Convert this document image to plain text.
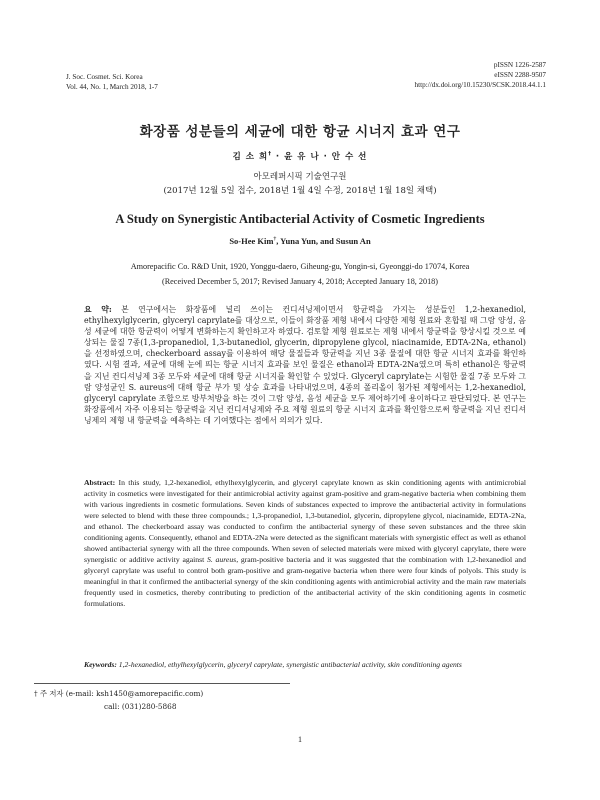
J. Soc. Cosmet. Sci. Korea
Vol. 44, No. 1, March 2018, 1-7
pISSN 1226-2587
eISSN 2288-9507
http://dx.doi.org/10.15230/SCSK.2018.44.1.1
화장품 성분들의 세균에 대한 항균 시너지 효과 연구
김 소 희† · 윤 유 나 · 안 수 선
아모레퍼시픽 기술연구원
(2017년 12월 5일 접수, 2018년 1월 4일 수정, 2018년 1월 18일 채택)
A Study on Synergistic Antibacterial Activity of Cosmetic Ingredients
So-Hee Kim†, Yuna Yun, and Susun An
Amorepacific Co. R&D Unit, 1920, Yonggu-daero, Giheung-gu, Yongin-si, Gyeonggi-do 17074, Korea
(Received December 5, 2017; Revised January 4, 2018; Accepted January 18, 2018)
요 약: 본 연구에서는 화장품에 널리 쓰이는 컨디셔닝제이면서 항균력을 가지는 성분들인 1,2-hexanediol, ethylhexylglycerin, glyceryl caprylate를 대상으로, 이들이 화장품 제형 내에서 다양한 제형 원료와 혼합될 때 그람 양성, 음성 세균에 대한 항균력이 어떻게 변화하는지 확인하고자 하였다. 검토할 제형 원료로는 제형 내에서 항균력을 향상시킬 것으로 예상되는 물질 7종(1,3-propanediol, 1,3-butanediol, glycerin, dipropylene glycol, niacinamide, EDTA-2Na, ethanol)을 선정하였으며, checkerboard assay를 이용하여 해당 물질들과 항균력을 지닌 3종 물질에 대한 항균 시너지 효과를 확인하였다. 시험 결과, 세균에 대해 눈에 띄는 항균 시너지 효과를 보인 물질은 ethanol과 EDTA-2Na였으며 특히 ethanol은 항균력을 지닌 컨디셔닝제 3종 모두와 세균에 대해 항균 시너지를 확인할 수 있었다. Glyceryl caprylate는 시험한 물질 7종 모두와 그람 양성균인 S. aureus에 대해 항균 부가 및 상승 효과를 나타내었으며, 4종의 폴리올이 첨가된 제형에서는 1,2-hexanediol, glyceryl caprylate 조합으로 방부처방을 하는 것이 그람 양성, 음성 세균을 모두 제어하기에 용이하다고 판단되었다. 본 연구는 화장품에서 자주 이용되는 항균력을 지닌 컨디셔닝제와 주요 제형 원료의 항균 시너지 효과를 확인함으로써 항균력을 지닌 컨디셔닝제의 제형 내 항균력을 예측하는 데 기여했다는 점에서 의의가 있다.
Abstract: In this study, 1,2-hexanediol, ethylhexylglycerin, and glyceryl caprylate known as skin conditioning agents with antimicrobial activity in cosmetics were investigated for their antimicrobial activity against gram-positive and gram-negative bacteria when combining them with various ingredients in cosmetic formulations. Seven kinds of substances expected to improve the antibacterial activity in formulations were selected to blend with these three compounds.; 1,3-propanediol, 1,3-butanediol, glycerin, dipropylene glycol, niacinamide, EDTA-2Na, and ethanol. The checkerboard assay was conducted to confirm the antibacterial synergy of these seven substances and the three skin conditioning agents. Consequently, ethanol and EDTA-2Na were detected as the significant materials with synergistic effect as well as ethanol showed antibacterial synergy with all the three compounds. When seven of selected materials were mixed with glyceryl caprylate, there were synergistic or additive activity against S. aureus, gram-positive bacteria and it was suggested that the combination with 1,2-hexanediol and glyceryl caprylate was useful to control both gram-positive and gram-negative bacteria when there were four kinds of polyols. This study is meaningful in that it confirmed the antibacterial synergy of the skin conditioning agents with antimicrobial activity and the main raw materials frequently used in cosmetics, thereby contributing to prediction of the antibacterial activity of the skin conditioning agents in cosmetic formulations.
Keywords: 1,2-hexanediol, ethylhexylglycerin, glyceryl caprylate, synergistic antibacterial activity, skin conditioning agents
† 주 저자 (e-mail: ksh1450@amorepacific.com)
call: (031)280-5868
1
